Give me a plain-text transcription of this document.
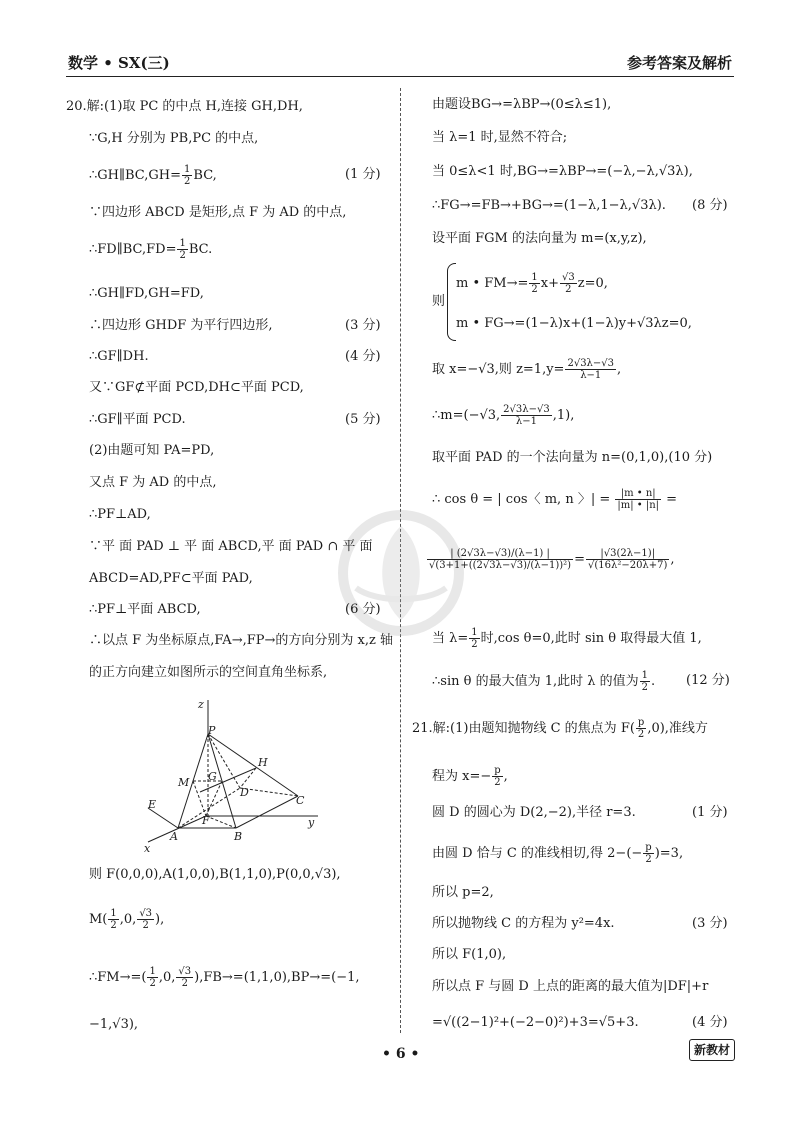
数学 • SX(三)	参考答案及解析
20.解:(1)取 PC 的中点 H,连接 GH,DH,
∵G,H 分别为 PB,PC 的中点,
∴GH∥BC,GH= $\frac{1}{2}$ BC,	(1 分)
∵四边形 ABCD 是矩形,点 F 为 AD 的中点,
∴FD∥BC,FD= $\frac{1}{2}$ BC.
∴GH∥FD,GH=FD,
∴四边形 GHDF 为平行四边形,	(3 分)
∴GF∥DH.	(4 分)
又∵GF⊄平面 PCD,DH⊂平面 PCD,
∴GF∥平面 PCD.	(5 分)
(2)由题可知 PA=PD,
又点 F 为 AD 的中点,
∴PF⊥AD,
∵平 面 PAD ⊥ 平 面 ABCD,平 面 PAD ∩ 平 面
ABCD=AD,PF⊂平面 PAD,
∴PF⊥平面 ABCD,	(6 分)
∴以点 F 为坐标原点,FA→,FP→的方向分别为 x,z 轴
的正方向建立如图所示的空间直角坐标系,
则 F(0,0,0),A(1,0,0),B(1,1,0),P(0,0,√3),
$M( \frac{1}{2} ,0$, $\frac{√3}{2}$ ),
∴FM→=( $\frac{1}{2} ,0$, $\frac{√3}{2} ),FB\to=(1,1,0),BP\to=(-1$,
−1,√3),
z
P
H
M G
D
C
E
F
A	B
y
x
由题设BG→=λBP→(0≤λ≤1),
当 λ=1 时,显然不符合;
当 0≤λ<1 时,BG→=λBP→=(−λ,−λ,√3λ),
∴FG→=FB→+BG→=(1−λ,1−λ,√3λ). (8 分)
设平面 FGM 的法向量为 m=(x,y,z),
则
m • $FM\to= \frac{1}{2} x+ \frac{√3}{2} z=0$,
m • FG→=(1−λ)x+(1−λ)y+√3λz=0,
取 x=−√3,则 $z=1,y= \frac{2√3\lambda-√3}{\lambda-1}$ ,
∴m=(−√3, $\frac{2√3\lambda-√3}{\lambda-1} ,1$),
取平面 PAD 的一个法向量为 n=(0,1,0),(10 分)
∴ cos θ = | cos〈 m, n 〉| = $\frac{|m • n|}{|m| • |n|}$ =
$\frac{| (2√3\lambda-√3)/(\lambda-1) |}{\text{√(3+1+((2√3λ−√3)/(λ−1))²)}} = \frac{|√3(2\lambda-1)|}{\text{√(16λ²−20λ+7)}}$ ,
当 $\lambda= \frac{1}{2}$ 时,cos θ=0,此时 sin θ 取得最大值 1,
∴sin θ 的最大值为 1,此时 λ 的值为 $\frac{1}{2}$ . (12 分)
21.解:(1)由题知抛物线 C 的焦点为 $F( \frac{p}{2} ,0)$,准线方
程为 $x=- \frac{p}{2}$ ,
圆 D 的圆心为 D(2,−2),半径 r=3.	(1 分)
由圆 D 恰与 C 的准线相切,得 $2-(- \frac{p}{2} )=3$,
所以 p=2,
所以抛物线 C 的方程为 y²=4x.	(3 分)
所以 F(1,0),
所以点 F 与圆 D 上点的距离的最大值为|DF|+r
=√((2−1)²+(−2−0)²)+3=√5+3.	(4 分)
• 6 •	新教材
